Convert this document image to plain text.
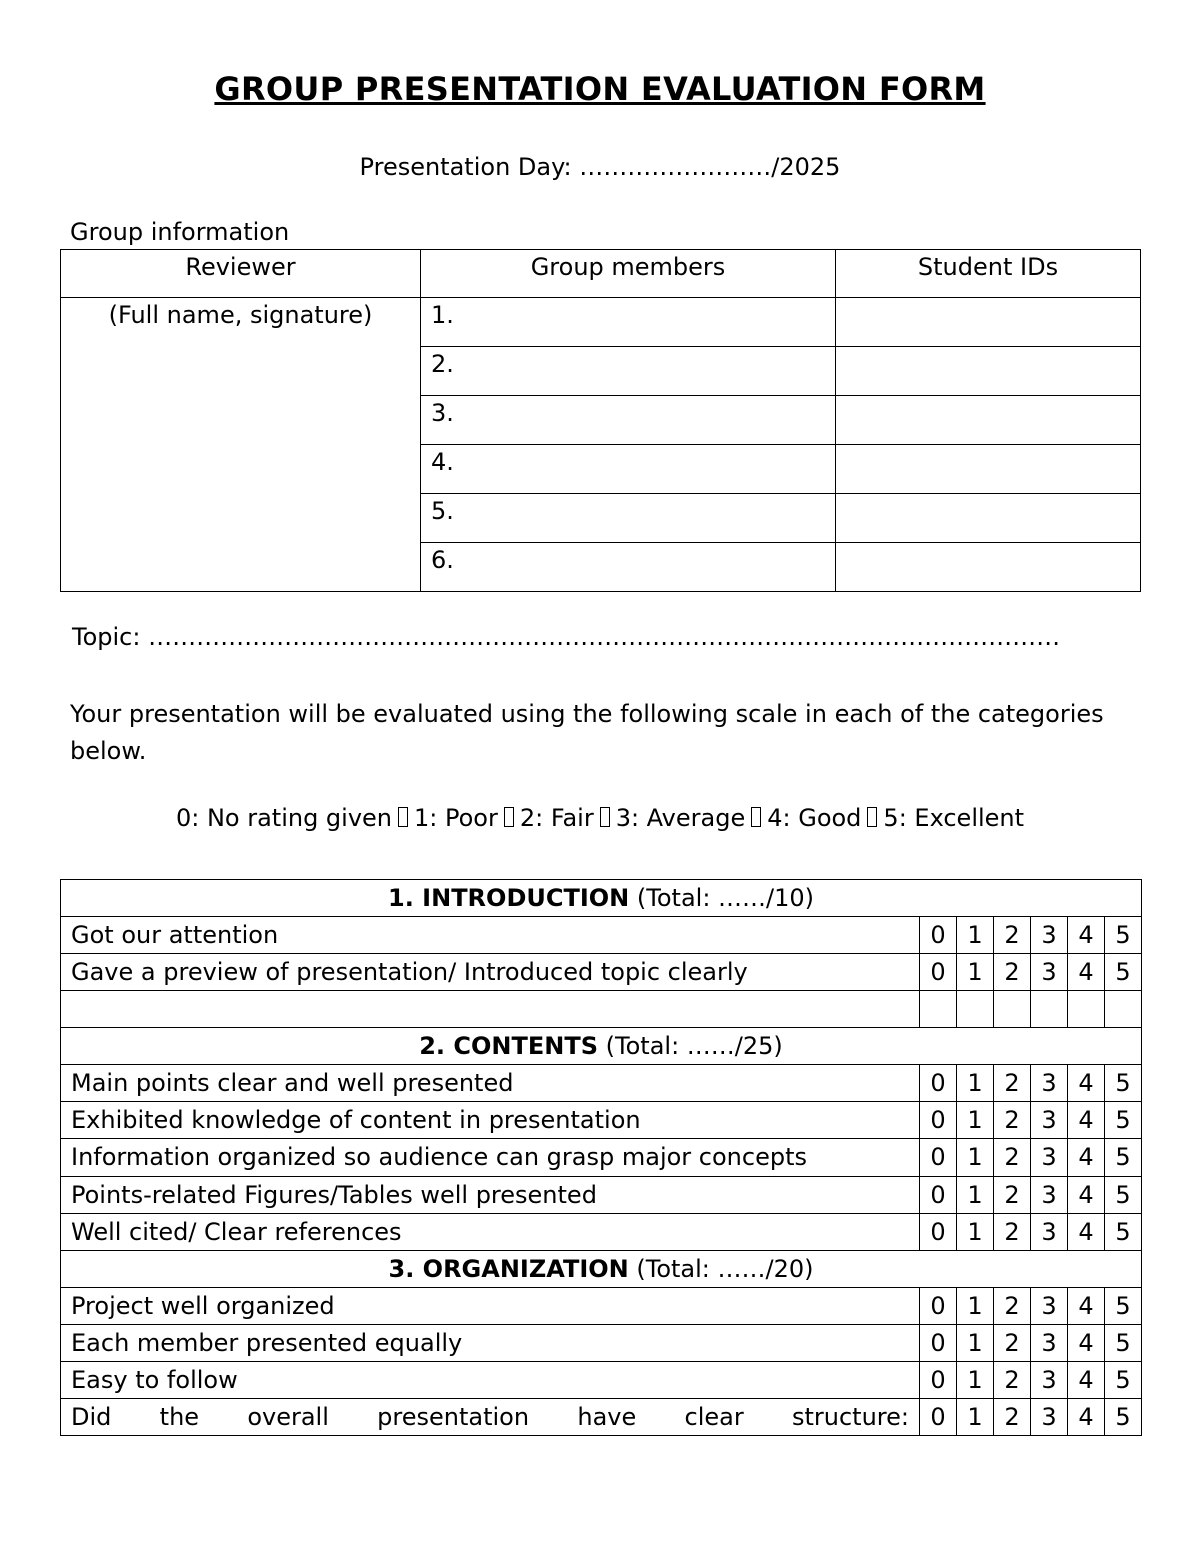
GROUP PRESENTATION EVALUATION FORM
Presentation Day: ……………………/2025
Group information
Reviewer	Group members	Student IDs
(Full name, signature)	1.	
	2.	
	3.	
	4.	
	5.	
	6.	
Topic: ……………………………………………………………………………………………………
Your presentation will be evaluated using the following scale in each of the categories below.
0: No rating given 1: Poor 2: Fair 3: Average 4: Good 5: Excellent
1. INTRODUCTION (Total: ……/10)						
Got our attention	0	1	2	3	4	5
Gave a preview of presentation/ Introduced topic clearly	0	1	2	3	4	5

2. CONTENTS (Total: ……/25)						
Main points clear and well presented	0	1	2	3	4	5
Exhibited knowledge of content in presentation	0	1	2	3	4	5
Information organized so audience can grasp major concepts	0	1	2	3	4	5
Points-related Figures/Tables well presented	0	1	2	3	4	5
Well cited/ Clear references	0	1	2	3	4	5
3. ORGANIZATION (Total: ……/20)						
Project well organized	0	1	2	3	4	5
Each member presented equally	0	1	2	3	4	5
Easy to follow	0	1	2	3	4	5
Did the overall presentation have clear structure:	0	1	2	3	4	5
